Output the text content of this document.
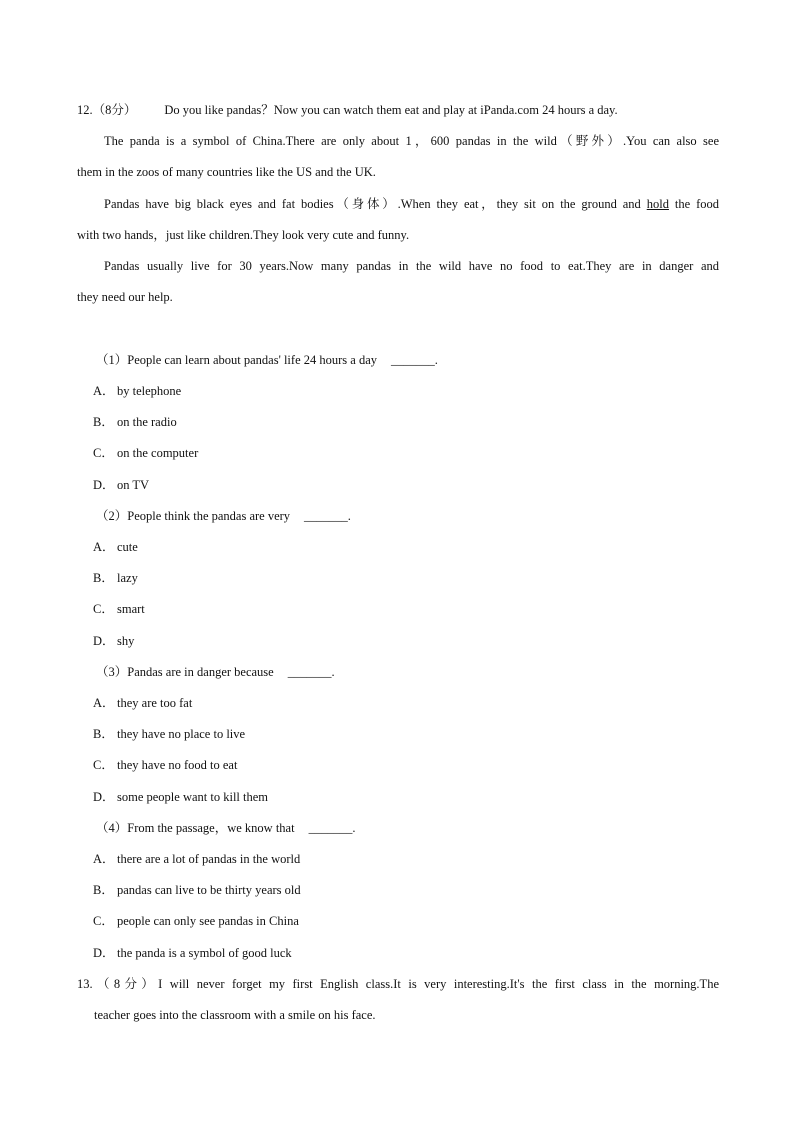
12.（8分） Do you like pandas？Now you can watch them eat and play at iPanda.com 24 hours a day.
The panda is a symbol of China.There are only about 1，600 pandas in the wild（野外）.You can also see
them in the zoos of many countries like the US and the UK.
Pandas have big black eyes and fat bodies（身体）.When they eat，they sit on the ground and hold the food
with two hands，just like children.They look very cute and funny.
Pandas usually live for 30 years.Now many pandas in the wild have no food to eat.They are in danger and
they need our help.
（1）People can learn about pandas' life 24 hours a day _______.
A． by telephone
B． on the radio
C． on the computer
D． on TV
（2）People think the pandas are very _______.
A． cute
B． lazy
C． smart
D． shy
（3）Pandas are in danger because _______.
A． they are too fat
B． they have no place to live
C． they have no food to eat
D． some people want to kill them
（4）From the passage，we know that _______.
A． there are a lot of pandas in the world
B． pandas can live to be thirty years old
C． people can only see pandas in China
D． the panda is a symbol of good luck
13.（8分）I will never forget my first English class.It is very interesting.It's the first class in the morning.The
teacher goes into the classroom with a smile on his face.
